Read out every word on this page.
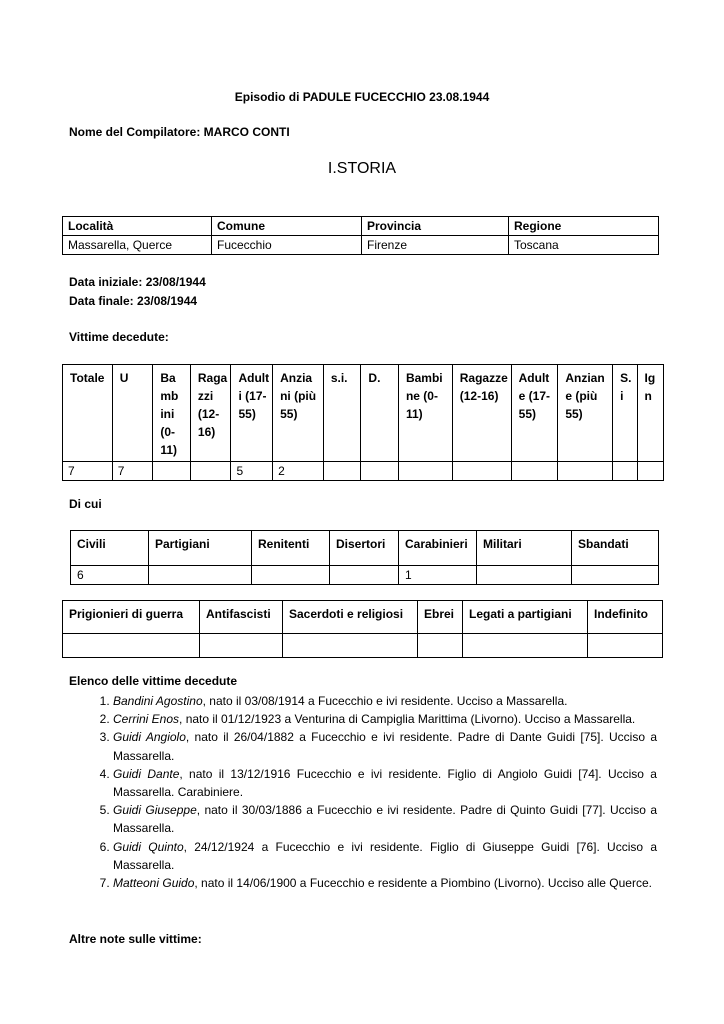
Episodio di PADULE FUCECCHIO 23.08.1944
Nome del Compilatore: MARCO CONTI
I.STORIA
Località	Comune	Provincia	Regione
Massarella, Querce	Fucecchio	Firenze	Toscana
Data iniziale: 23/08/1944
Data finale: 23/08/1944
Vittime decedute:
Totale	U	Ba mb ini (0- 11)	Raga zzi (12- 16)	Adult i (17- 55)	Anzia ni (più 55)	s.i.	D.	Bambi ne (0- 11)	Ragazze (12-16)	Adult e (17- 55)	Anzian e (più 55)	S. i	Ig n
7	7			5	2								
Di cui
Civili	Partigiani	Renitenti	Disertori	Carabinieri	Militari	Sbandati
6				1		
Prigionieri di guerra	Antifascisti	Sacerdoti e religiosi	Ebrei	Legati a partigiani	Indefinito

Elenco delle vittime decedute
1. Bandini Agostino, nato il 03/08/1914 a Fucecchio e ivi residente. Ucciso a Massarella.
2. Cerrini Enos, nato il 01/12/1923 a Venturina di Campiglia Marittima (Livorno). Ucciso a Massarella.
3. Guidi Angiolo, nato il 26/04/1882 a Fucecchio e ivi residente. Padre di Dante Guidi [75]. Ucciso a Massarella.
4. Guidi Dante, nato il 13/12/1916 Fucecchio e ivi residente. Figlio di Angiolo Guidi [74]. Ucciso a Massarella. Carabiniere.
5. Guidi Giuseppe, nato il 30/03/1886 a Fucecchio e ivi residente. Padre di Quinto Guidi [77]. Ucciso a Massarella.
6. Guidi Quinto, 24/12/1924 a Fucecchio e ivi residente. Figlio di Giuseppe Guidi [76]. Ucciso a Massarella.
7. Matteoni Guido, nato il 14/06/1900 a Fucecchio e residente a Piombino (Livorno). Ucciso alle Querce.
Altre note sulle vittime:
